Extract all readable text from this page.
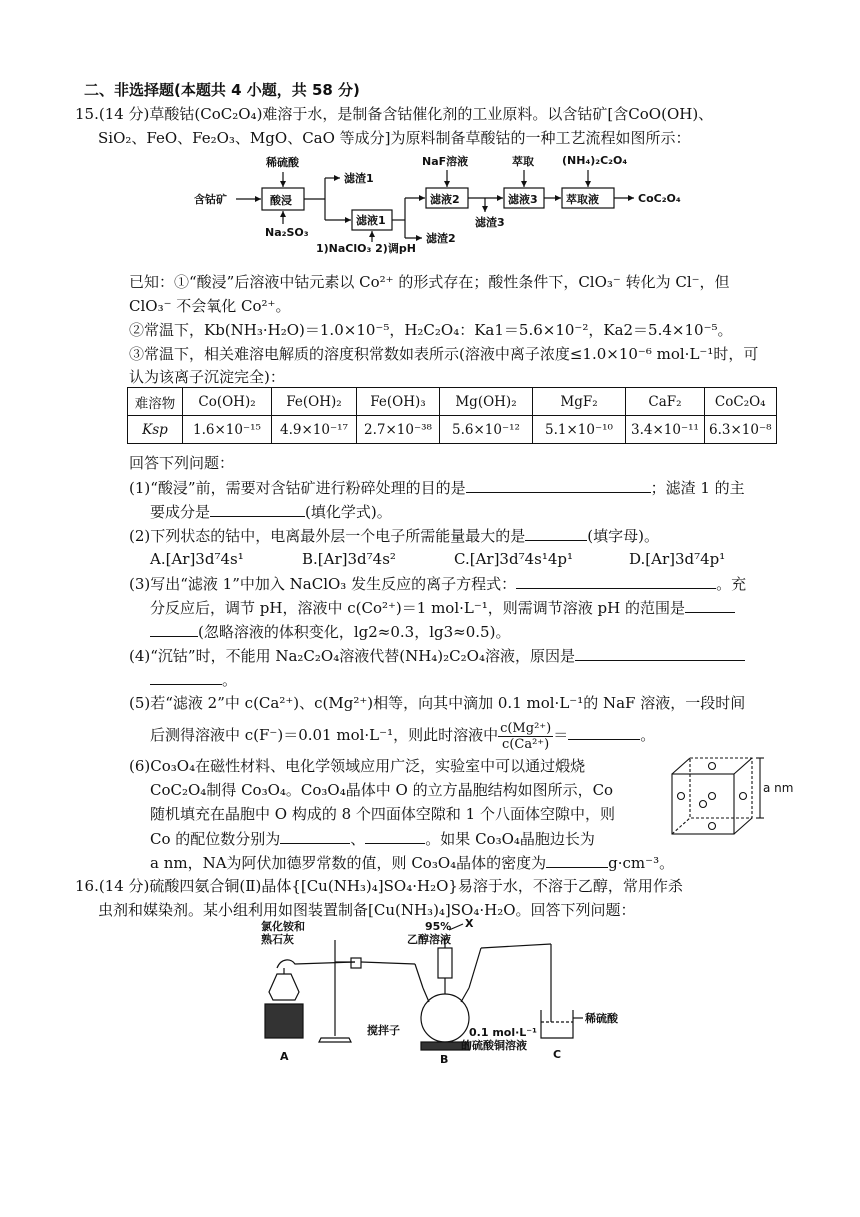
二、非选择题(本题共 4 小题，共 58 分)
15.(14 分)草酸钴(CoC₂O₄)难溶于水，是制备含钴催化剂的工业原料。以含钴矿[含CoO(OH)、
SiO₂、FeO、Fe₂O₃、MgO、CaO 等成分]为原料制备草酸钴的一种工艺流程如图所示：
含钴矿
稀硫酸
酸浸
Na₂SO₃
滤渣1
滤液1
1)NaClO₃ 2)调pH
滤液2
滤渣2
NaF溶液
滤液3
滤渣3
萃取
萃取液
(NH₄)₂C₂O₄
CoC₂O₄
已知：①“酸浸”后溶液中钴元素以 Co²⁺ 的形式存在；酸性条件下，ClO₃⁻ 转化为 Cl⁻，但
ClO₃⁻ 不会氧化 Co²⁺。
②常温下，Kb(NH₃·H₂O)＝1.0×10⁻⁵，H₂C₂O₄：Ka1＝5.6×10⁻²，Ka2＝5.4×10⁻⁵。
③常温下，相关难溶电解质的溶度积常数如表所示(溶液中离子浓度≤1.0×10⁻⁶ mol·L⁻¹时，可
认为该离子沉淀完全)：
难溶物	Co(OH)₂	Fe(OH)₂	Fe(OH)₃	Mg(OH)₂	MgF₂	CaF₂	CoC₂O₄
Ksp	1.6×10⁻¹⁵	4.9×10⁻¹⁷	2.7×10⁻³⁸	5.6×10⁻¹²	5.1×10⁻¹⁰	3.4×10⁻¹¹	6.3×10⁻⁸
回答下列问题：
(1)“酸浸”前，需要对含钴矿进行粉碎处理的目的是	；滤渣 1 的主
要成分是	(填化学式)。
(2)下列状态的钴中，电离最外层一个电子所需能量最大的是	(填字母)。
A.[Ar]3d⁷4s¹	B.[Ar]3d⁷4s²	C.[Ar]3d⁷4s¹4p¹	D.[Ar]3d⁷4p¹
(3)写出“滤液 1”中加入 NaClO₃ 发生反应的离子方程式：	。充
分反应后，调节 pH，溶液中 c(Co²⁺)＝1 mol·L⁻¹，则需调节溶液 pH 的范围是
(忽略溶液的体积变化，lg2≈0.3，lg3≈0.5)。
(4)“沉钴”时，不能用 Na₂C₂O₄溶液代替(NH₄)₂C₂O₄溶液，原因是
。
(5)若“滤液 2”中 c(Ca²⁺)、c(Mg²⁺)相等，向其中滴加 0.1 mol·L⁻¹的 NaF 溶液，一段时间
后测得溶液中 c(F⁻)＝0.01 mol·L⁻¹，则此时溶液中 $\frac{\text{c(Mg²⁺)}}{\text{c(Ca²⁺)}}$ ＝	。
(6)Co₃O₄在磁性材料、电化学领域应用广泛，实验室中可以通过煅烧
CoC₂O₄制得 Co₃O₄。Co₃O₄晶体中 O 的立方晶胞结构如图所示，Co
随机填充在晶胞中 O 构成的 8 个四面体空隙和 1 个八面体空隙中，则
Co 的配位数分别为	、	。如果 Co₃O₄晶胞边长为
a nm，NA为阿伏加德罗常数的值，则 Co₃O₄晶体的密度为	g·cm⁻³。
a nm
16.(14 分)硫酸四氨合铜(Ⅱ)晶体{[Cu(NH₃)₄]SO₄·H₂O}易溶于水，不溶于乙醇，常用作杀
虫剂和媒染剂。某小组利用如图装置制备[Cu(NH₃)₄]SO₄·H₂O。回答下列问题：
氯化铵和
熟石灰
95%
乙醇溶液
X
搅拌子	0.1 mol·L⁻¹
的硫酸铜溶液
稀硫酸
A	B	C
